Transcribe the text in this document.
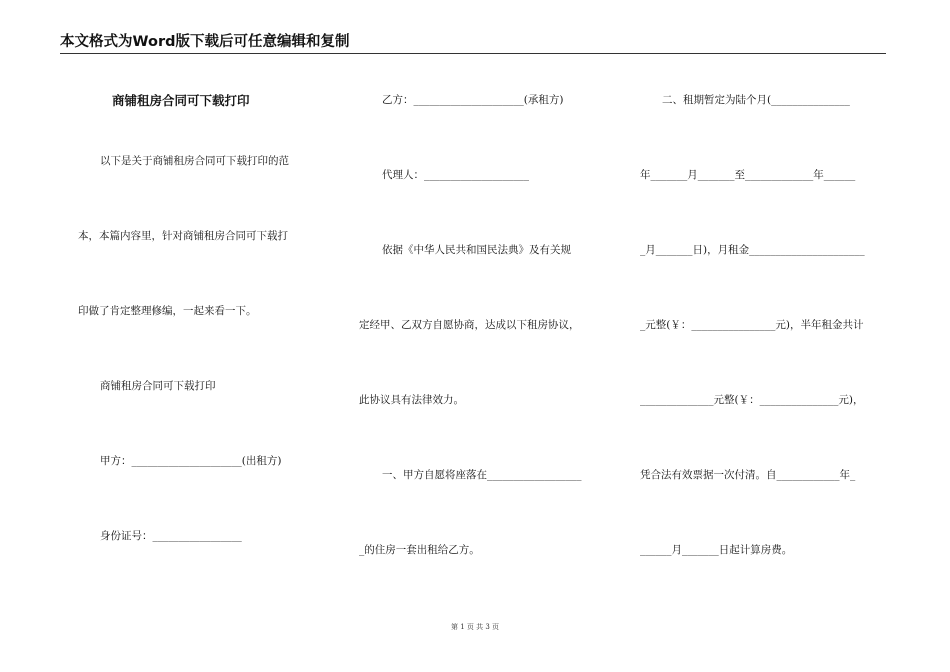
本文格式为Word版下载后可任意编辑和复制
商铺租房合同可下载打印
以下是关于商铺租房合同可下载打印的范
本，本篇内容里，针对商铺租房合同可下载打
印做了肯定整理修编，一起来看一下。
商铺租房合同可下载打印
甲方：_____________________(出租方)
身份证号：_________________
乙方：_____________________(承租方)
代理人：____________________
依据《中华人民共和国民法典》及有关规
定经甲、乙双方自愿协商，达成以下租房协议，
此协议具有法律效力。
一、甲方自愿将座落在__________________
_的住房一套出租给乙方。
二、租期暂定为陆个月(_______________
年_______月_______至_____________年______
_月_______日)，月租金______________________
_元整(￥：________________元)，半年租金共计
______________元整(￥：_______________元)，
凭合法有效票据一次付清。自____________年_
______月_______日起计算房费。
第 1 页 共 3 页
